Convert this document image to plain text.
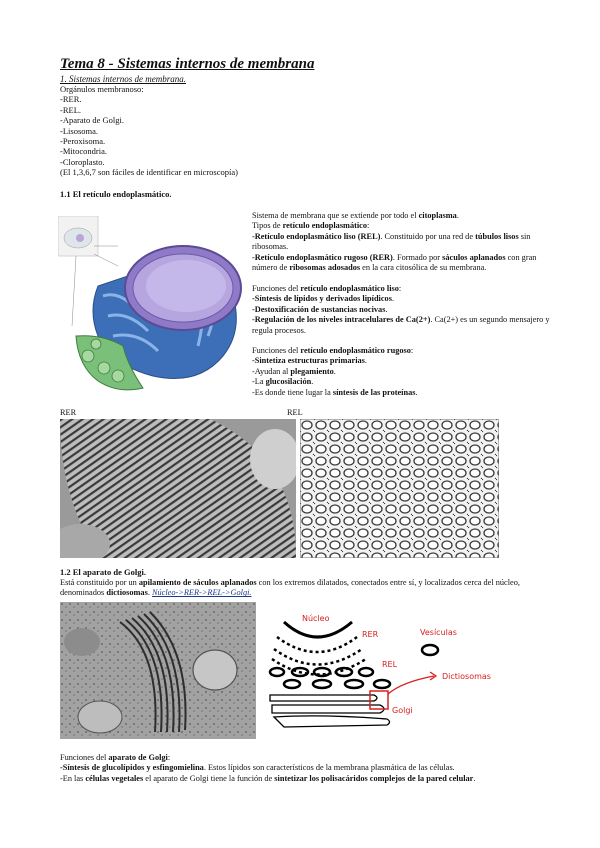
Tema 8 - Sistemas internos de membrana
1. Sistemas internos de membrana.
Orgánulos membranoso:
-RER.
-REL.
-Aparato de Golgi.
-Lisosoma.
-Peroxisoma.
-Mitocondria.
-Cloroplasto.
(El 1,3,6,7 son fáciles de identificar en microscopía)
1.1 El retículo endoplasmático.
Sistema de membrana que se extiende por todo el citoplasma.
Tipos de retículo endoplasmático:
-Retículo endoplasmático liso (REL). Constituido por una red de túbulos lisos sin ribosomas.
-Retículo endoplasmático rugoso (RER). Formado por sáculos aplanados con gran número de ribosomas adosados en la cara citosólica de su membrana.
Funciones del retículo endoplasmático liso:
-Síntesis de lípidos y derivados lipídicos.
-Destoxificación de sustancias nocivas.
-Regulación de los niveles intracelulares de Ca(2+). Ca(2+) es un segundo mensajero y regula procesos.
Funciones del retículo endoplasmático rugoso:
-Sintetiza estructuras primarias.
-Ayudan al plegamiento.
-La glucosilación.
-Es donde tiene lugar la síntesis de las proteínas.
RER	REL
1.2 El aparato de Golgi.
Está constituido por un apilamiento de sáculos aplanados con los extremos dilatados, conectados entre sí, y localizados cerca del núcleo, denominados dictiosomas. Núcleo->RER->REL->Golgi.
Núcleo
RER	Vesículas
REL
Dictiosomas
Golgi
Funciones del aparato de Golgi:
-Síntesis de glucolípidos y esfingomielina. Estos lípidos son característicos de la membrana plasmática de las células.
-En las células vegetales el aparato de Golgi tiene la función de sintetizar los polisacáridos complejos de la pared celular.
